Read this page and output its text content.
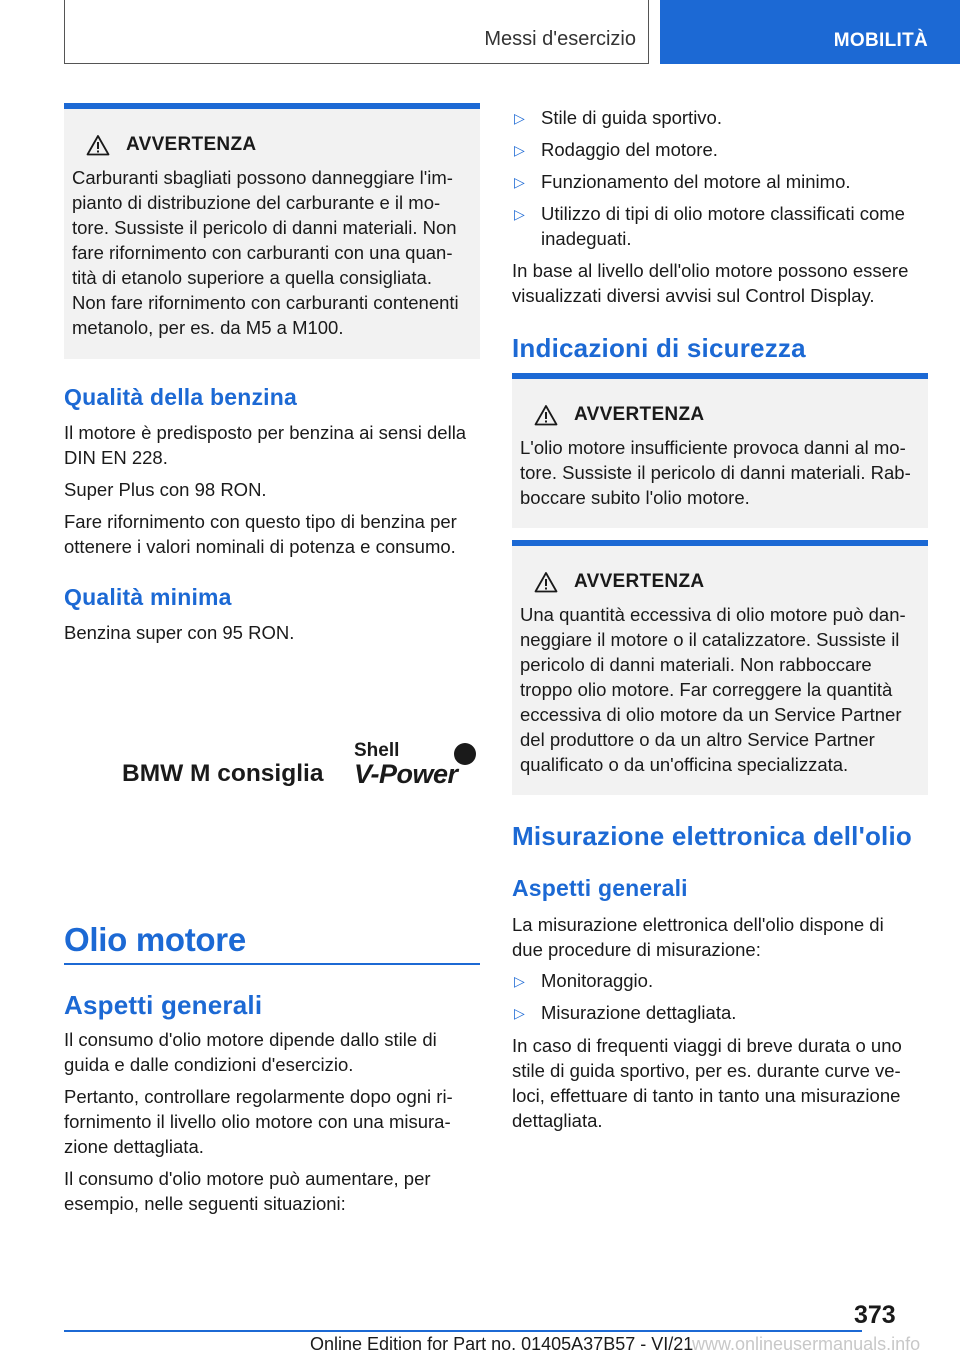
Messi d'esercizio	MOBILITÀ
AVVERTENZA
Carburanti sbagliati possono danneggiare l'im-
pianto di distribuzione del carburante e il mo-
tore. Sussiste il pericolo di danni materiali. Non
fare rifornimento con carburanti con una quan-
tità di etanolo superiore a quella consigliata.
Non fare rifornimento con carburanti contenenti
metanolo, per es. da M5 a M100.
Qualità della benzina
Il motore è predisposto per benzina ai sensi della
DIN EN 228.
Super Plus con 98 RON.
Fare rifornimento con questo tipo di benzina per
ottenere i valori nominali di potenza e consumo.
Qualità minima
Benzina super con 95 RON.
Olio motore
Aspetti generali
Il consumo d'olio motore dipende dallo stile di
guida e dalle condizioni d'esercizio.
Pertanto, controllare regolarmente dopo ogni ri-
fornimento il livello olio motore con una misura-
zione dettagliata.
Il consumo d'olio motore può aumentare, per
esempio, nelle seguenti situazioni:
BMW M consiglia
Shell
V-Power
▷ Stile di guida sportivo.
▷ Rodaggio del motore.
▷ Funzionamento del motore al minimo.
▷ Utilizzo di tipi di olio motore classificati come
inadeguati.
In base al livello dell'olio motore possono essere
visualizzati diversi avvisi sul Control Display.
Indicazioni di sicurezza
AVVERTENZA
L'olio motore insufficiente provoca danni al mo-
tore. Sussiste il pericolo di danni materiali. Rab-
boccare subito l'olio motore.
AVVERTENZA
Una quantità eccessiva di olio motore può dan-
neggiare il motore o il catalizzatore. Sussiste il
pericolo di danni materiali. Non rabboccare
troppo olio motore. Far correggere la quantità
eccessiva di olio motore da un Service Partner
del produttore o da un altro Service Partner
qualificato o da un'officina specializzata.
Misurazione elettronica dell'olio
Aspetti generali
La misurazione elettronica dell'olio dispone di
due procedure di misurazione:
▷ Monitoraggio.
▷ Misurazione dettagliata.
In caso di frequenti viaggi di breve durata o uno
stile di guida sportivo, per es. durante curve ve-
loci, effettuare di tanto in tanto una misurazione
dettagliata.
373
Online Edition for Part no. 01405A37B57 - VI/21
www.onlineusermanuals.info
